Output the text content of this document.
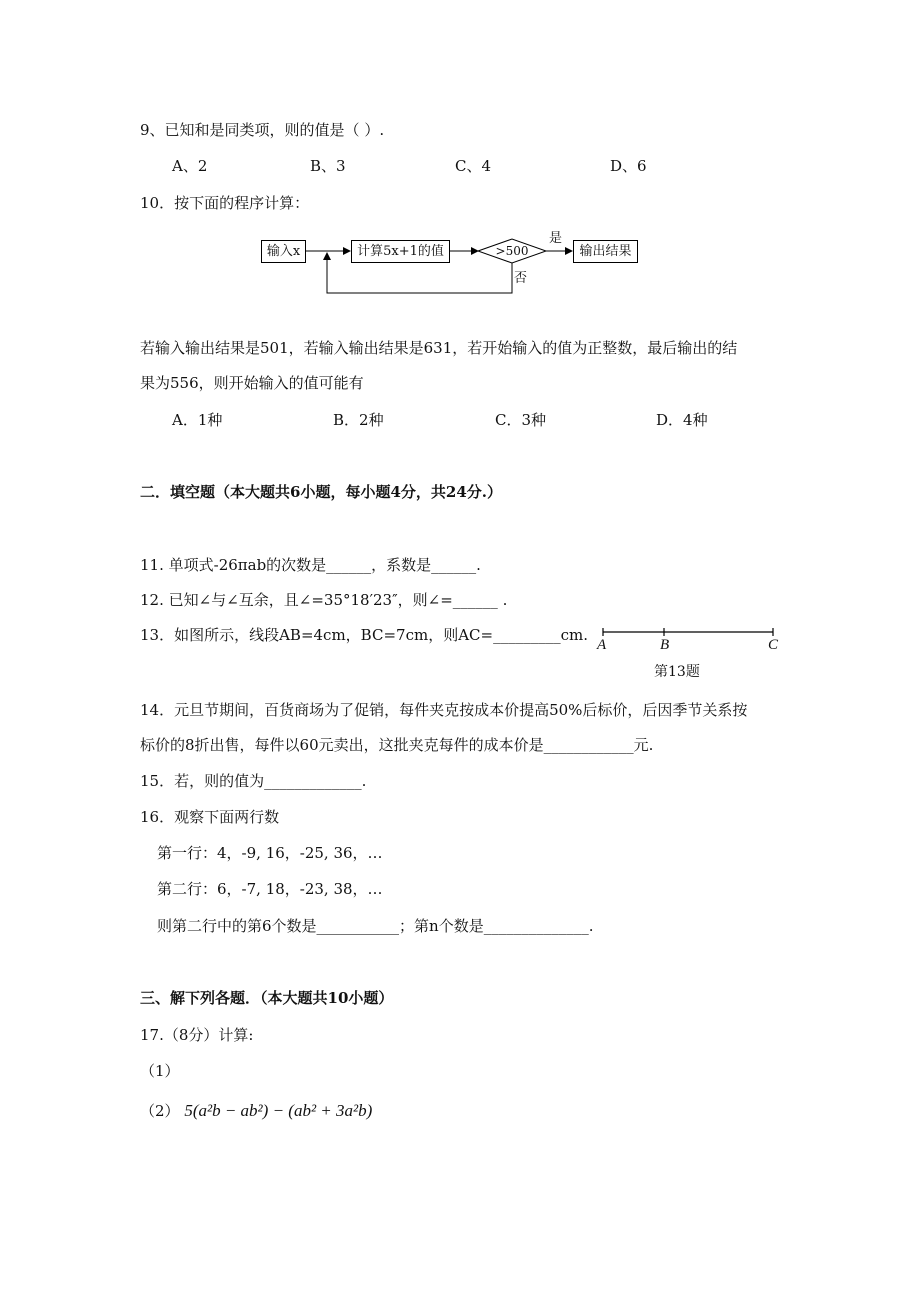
9、已知和是同类项，则的值是（ ）.
A、2	B、3	C、4	D、6
10．按下面的程序计算：
输入x	计算5x+1的值	>500	输出结果
是
否
若输入输出结果是501，若输入输出结果是631，若开始输入的值为正整数，最后输出的结
果为556，则开始输入的值可能有
A．1种	B．2种	C．3种	D．4种
二．填空题（本大题共6小题，每小题4分，共24分.）
11. 单项式-26πab的次数是______，系数是______.
12. 已知∠与∠互余，且∠=35°18′23″，则∠=______ .
13．如图所示，线段AB=4cm，BC=7cm，则AC=_________cm.
A	B	C
第13题
14．元旦节期间，百货商场为了促销，每件夹克按成本价提高50%后标价，后因季节关系按
标价的8折出售，每件以60元卖出，这批夹克每件的成本价是____________元.
15．若，则的值为_____________.
16．观察下面两行数
第一行：4，-9, 16，-25, 36，…
第二行：6，-7, 18，-23, 38，…
则第二行中的第6个数是___________；第n个数是______________.
三、解下列各题．（本大题共10小题）
17.（8分）计算:
（1）
（2） 5(a²b − ab²) − (ab² + 3a²b)
